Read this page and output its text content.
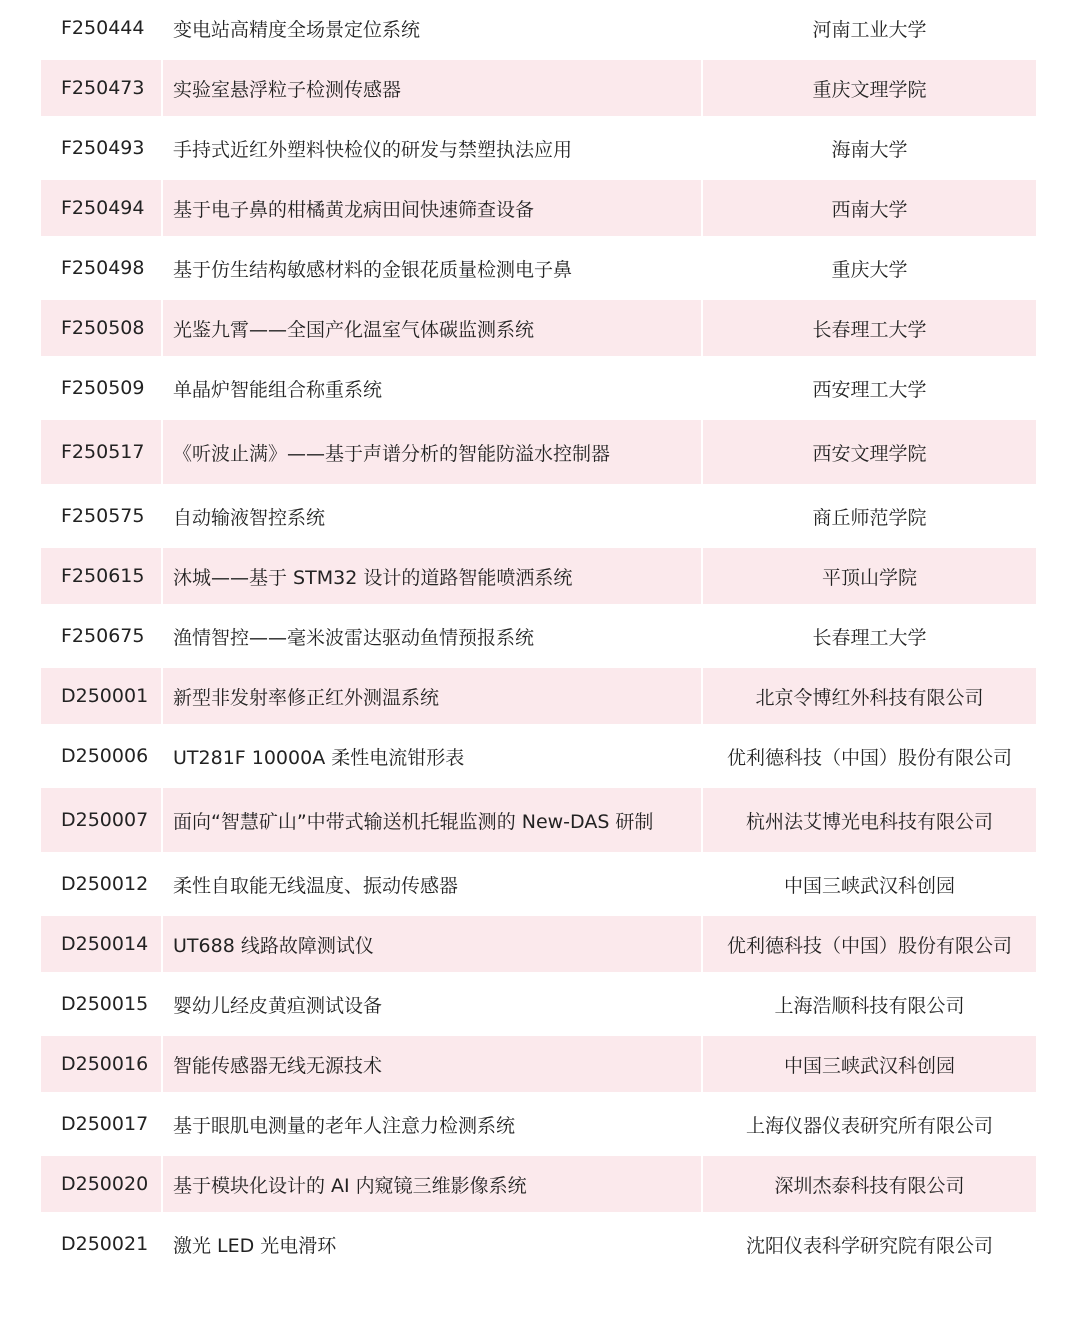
F250444	变电站高精度全场景定位系统	河南工业大学
F250473	实验室悬浮粒子检测传感器	重庆文理学院
F250493	手持式近红外塑料快检仪的研发与禁塑执法应用	海南大学
F250494	基于电子鼻的柑橘黄龙病田间快速筛查设备	西南大学
F250498	基于仿生结构敏感材料的金银花质量检测电子鼻	重庆大学
F250508	光鉴九霄——全国产化温室气体碳监测系统	长春理工大学
F250509	单晶炉智能组合称重系统	西安理工大学
F250517	《听波止满》——基于声谱分析的智能防溢水控制器	西安文理学院
F250575	自动输液智控系统	商丘师范学院
F250615	沐城——基于 STM32 设计的道路智能喷洒系统	平顶山学院
F250675	渔情智控——毫米波雷达驱动鱼情预报系统	长春理工大学
D250001	新型非发射率修正红外测温系统	北京令博红外科技有限公司
D250006	UT281F 10000A 柔性电流钳形表	优利德科技（中国）股份有限公司
D250007	面向“智慧矿山”中带式输送机托辊监测的 New-DAS 研制	杭州法艾博光电科技有限公司
D250012	柔性自取能无线温度、振动传感器	中国三峡武汉科创园
D250014	UT688 线路故障测试仪	优利德科技（中国）股份有限公司
D250015	婴幼儿经皮黄疸测试设备	上海浩顺科技有限公司
D250016	智能传感器无线无源技术	中国三峡武汉科创园
D250017	基于眼肌电测量的老年人注意力检测系统	上海仪器仪表研究所有限公司
D250020	基于模块化设计的 AI 内窥镜三维影像系统	深圳杰泰科技有限公司
D250021	激光 LED 光电滑环	沈阳仪表科学研究院有限公司
